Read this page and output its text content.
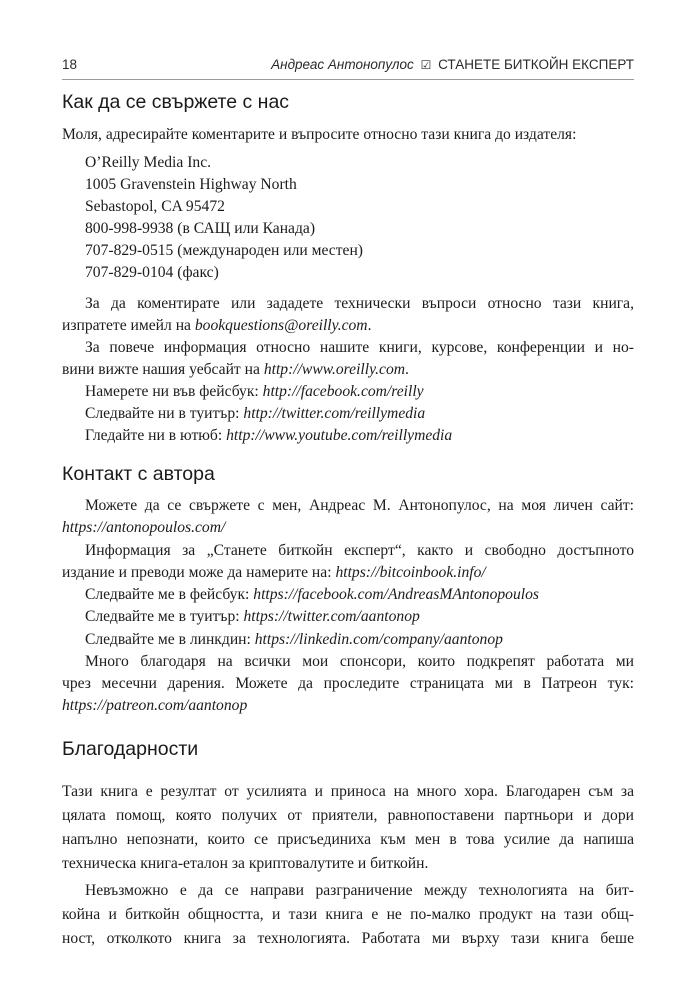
18	Андреас Антонопулос ☑ СТАНЕТЕ БИТКОЙН ЕКСПЕРТ
Как да се свържете с нас
Моля, адресирайте коментарите и въпросите относно тази книга до издателя:
O’Reilly Media Inc.
1005 Gravenstein Highway North
Sebastopol, CA 95472
800-998-9938 (в САЩ или Канада)
707-829-0515 (международен или местен)
707-829-0104 (факс)
За да коментирате или зададете технически въпроси относно тази книга,
изпратете имейл на bookquestions@oreilly.com.
За повече информация относно нашите книги, курсове, конференции и но-
вини вижте нашия уебсайт на http://www.oreilly.com.
Намерете ни във фейсбук: http://facebook.com/reilly
Следвайте ни в туитър: http://twitter.com/reillymedia
Гледайте ни в ютюб: http://www.youtube.com/reillymedia
Контакт с автора
Можете да се свържете с мен, Андреас М. Антонопулос, на моя личен сайт:
https://antonopoulos.com/
Информация за „Станете биткойн експерт“, както и свободно достъпното
издание и преводи може да намерите на: https://bitcoinbook.info/
Следвайте ме в фейсбук: https://facebook.com/AndreasMAntonopoulos
Следвайте ме в туитър: https://twitter.com/aantonop
Следвайте ме в линкдин: https://linkedin.com/company/aantonop
Много благодаря на всички мои спонсори, които подкрепят работата ми
чрез месечни дарения. Можете да проследите страницата ми в Патреон тук:
https://patreon.com/aantonop
Благодарности
Тази книга е резултат от усилията и приноса на много хора. Благодарен съм за
цялата помощ, която получих от приятели, равнопоставени партньори и дори
напълно непознати, които се присъединиха към мен в това усилие да напиша
техническа книга-еталон за криптовалутите и биткойн.
Невъзможно е да се направи разграничение между технологията на бит-
койна и биткойн общността, и тази книга е не по-малко продукт на тази общ-
ност, отколкото книга за технологията. Работата ми върху тази книга беше
